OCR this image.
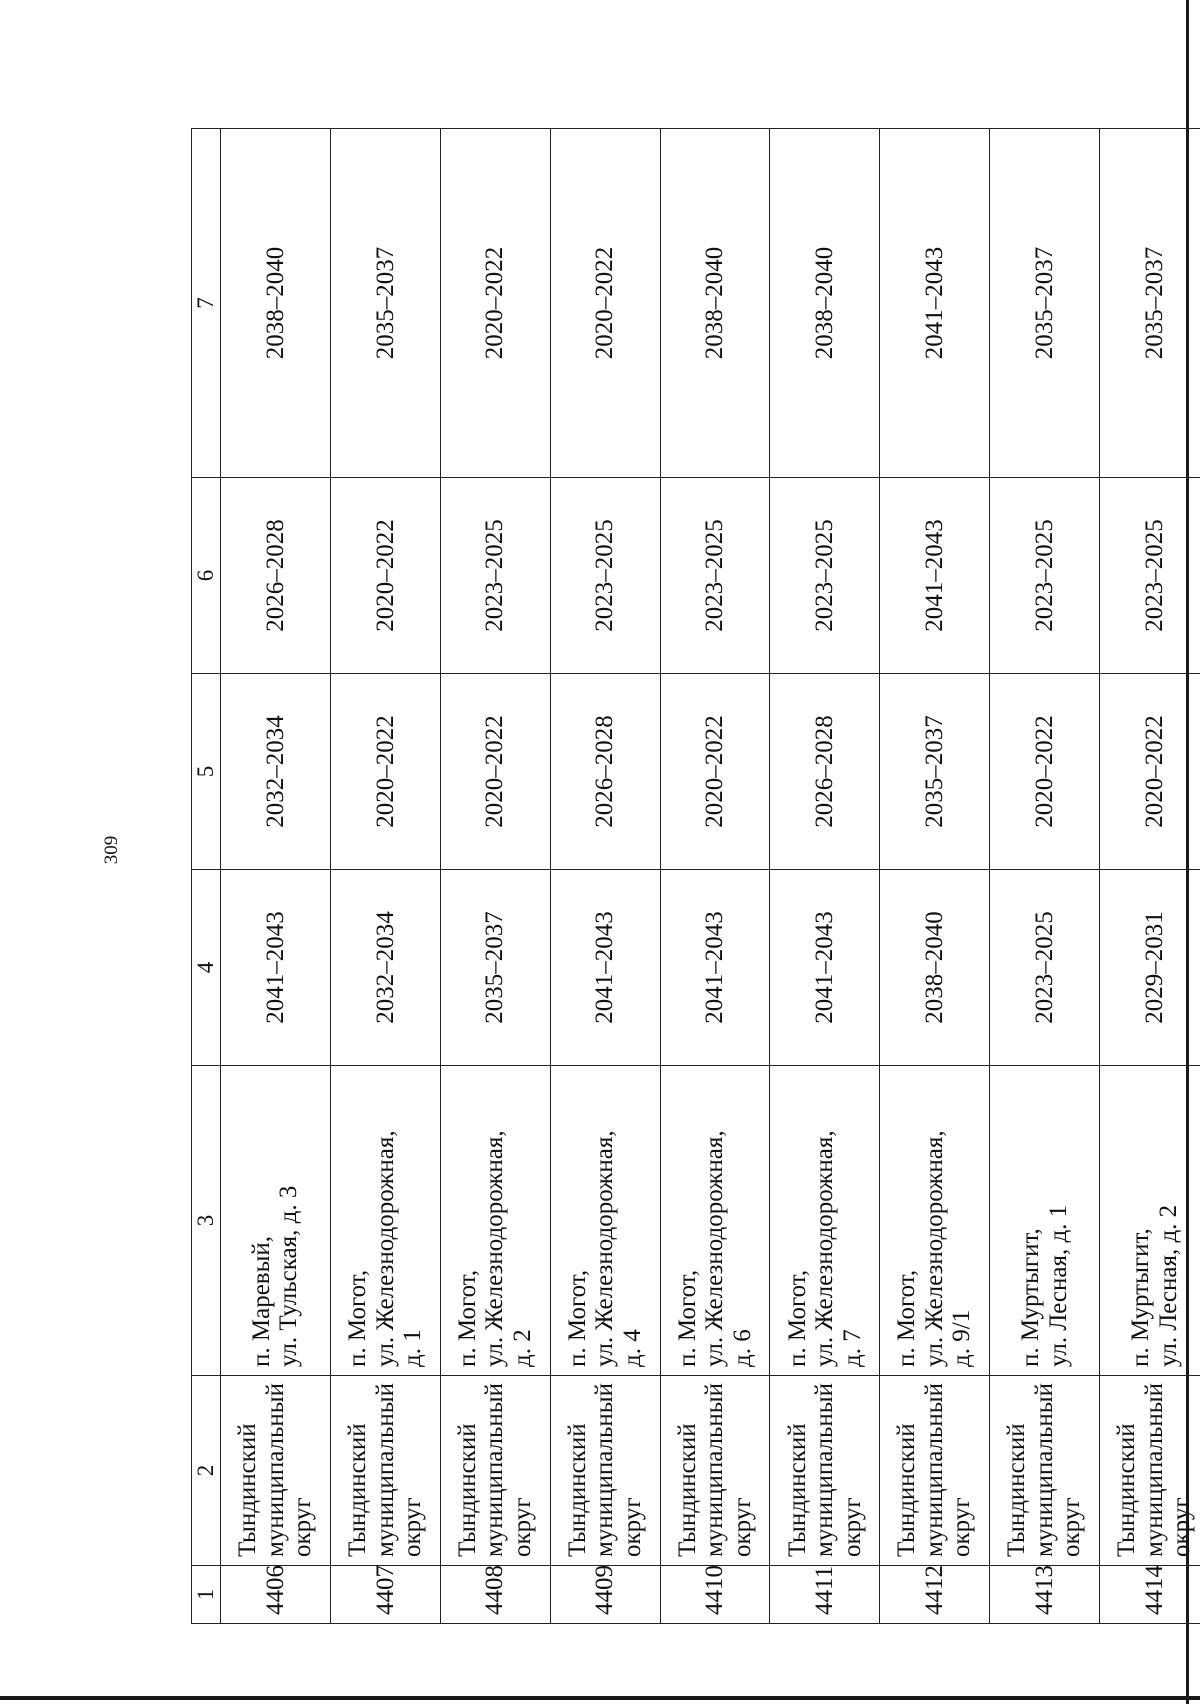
309
1	2	3	4	5	6	7
4406	Тындинский муниципальный округ	п. Маревый, ул. Тульская, д. 3	2041–2043	2032–2034	2026–2028	2038–2040
4407	Тындинский муниципальный округ	п. Могот, ул. Железнодорожная, д. 1	2032–2034	2020–2022	2020–2022	2035–2037
4408	Тындинский муниципальный округ	п. Могот, ул. Железнодорожная, д. 2	2035–2037	2020–2022	2023–2025	2020–2022
4409	Тындинский муниципальный округ	п. Могот, ул. Железнодорожная, д. 4	2041–2043	2026–2028	2023–2025	2020–2022
4410	Тындинский муниципальный округ	п. Могот, ул. Железнодорожная, д. 6	2041–2043	2020–2022	2023–2025	2038–2040
4411	Тындинский муниципальный округ	п. Могот, ул. Железнодорожная, д. 7	2041–2043	2026–2028	2023–2025	2038–2040
4412	Тындинский муниципальный округ	п. Могот, ул. Железнодорожная, д. 9/1	2038–2040	2035–2037	2041–2043	2041–2043
4413	Тындинский муниципальный округ	п. Муртыгит, ул. Лесная, д. 1	2023–2025	2020–2022	2023–2025	2035–2037
4414	Тындинский муниципальный округ	п. Муртыгит, ул. Лесная, д. 2	2029–2031	2020–2022	2023–2025	2035–2037
